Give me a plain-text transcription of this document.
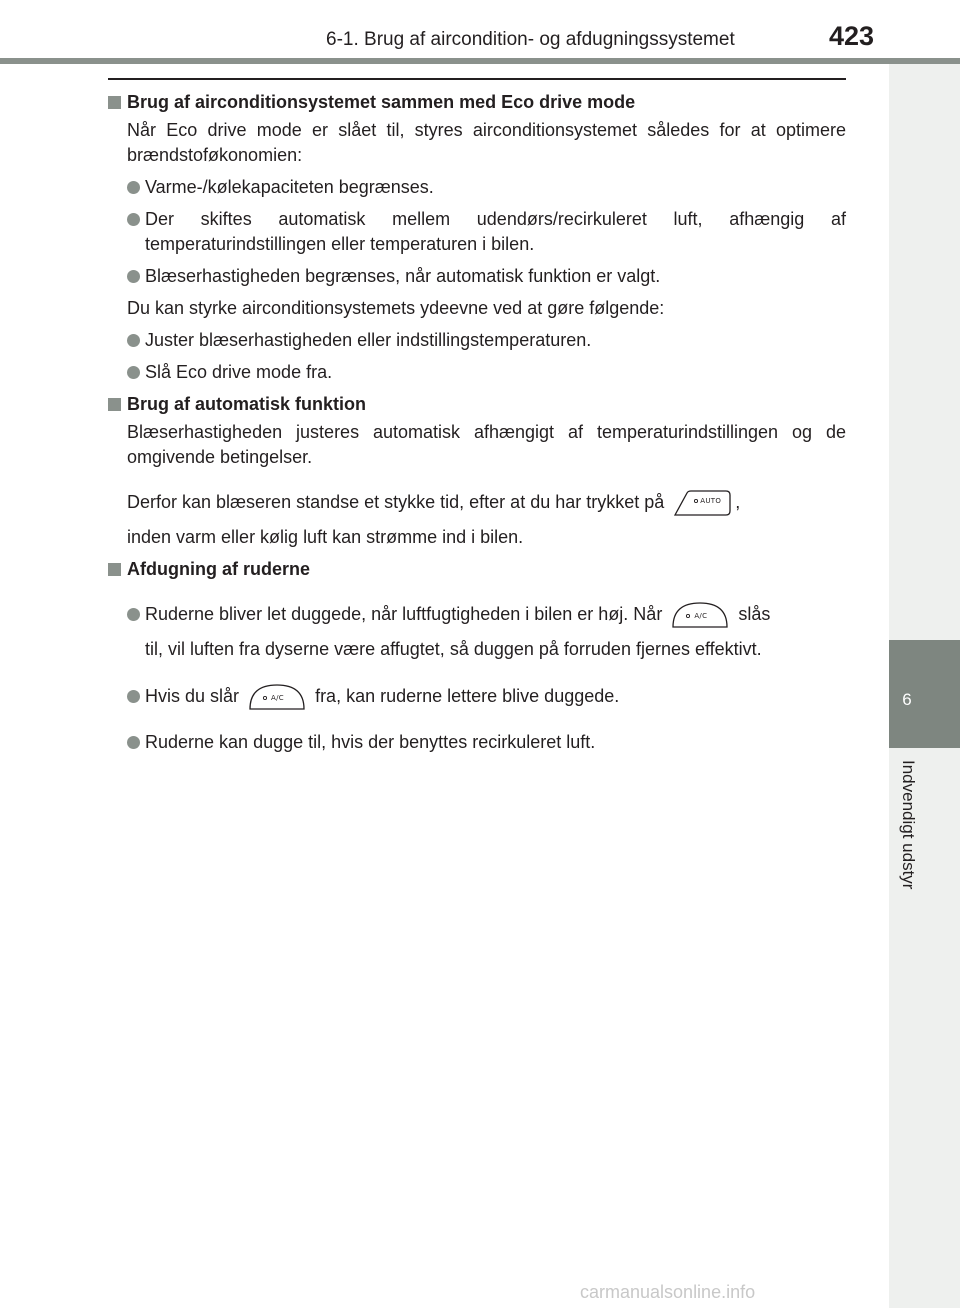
6-1. Brug af aircondition- og afdugningssystemet	423
6
Indvendigt udstyr
Brug af airconditionsystemet sammen med Eco drive mode
Når Eco drive mode er slået til, styres airconditionsystemet således for at optimere brændstoføkonomien:
Varme-/kølekapaciteten begrænses.
Der skiftes automatisk mellem udendørs/recirkuleret luft, afhængig af temperaturindstillingen eller temperaturen i bilen.
Blæserhastigheden begrænses, når automatisk funktion er valgt.
Du kan styrke airconditionsystemets ydeevne ved at gøre følgende:
Juster blæserhastigheden eller indstillingstemperaturen.
Slå Eco drive mode fra.
Brug af automatisk funktion
Blæserhastigheden justeres automatisk afhængigt af temperaturindstillingen og de omgivende betingelser.
Derfor kan blæseren standse et stykke tid, efter at du har trykket på	AUTO ,
inden varm eller kølig luft kan strømme ind i bilen.
Afdugning af ruderne
Ruderne bliver let duggede, når luftfugtigheden i bilen er høj. Når	A/C slås
til, vil luften fra dyserne være affugtet, så duggen på forruden fjernes effektivt.
Hvis du slår	A/C fra, kan ruderne lettere blive duggede.
Ruderne kan dugge til, hvis der benyttes recirkuleret luft.
carmanualsonline.info
